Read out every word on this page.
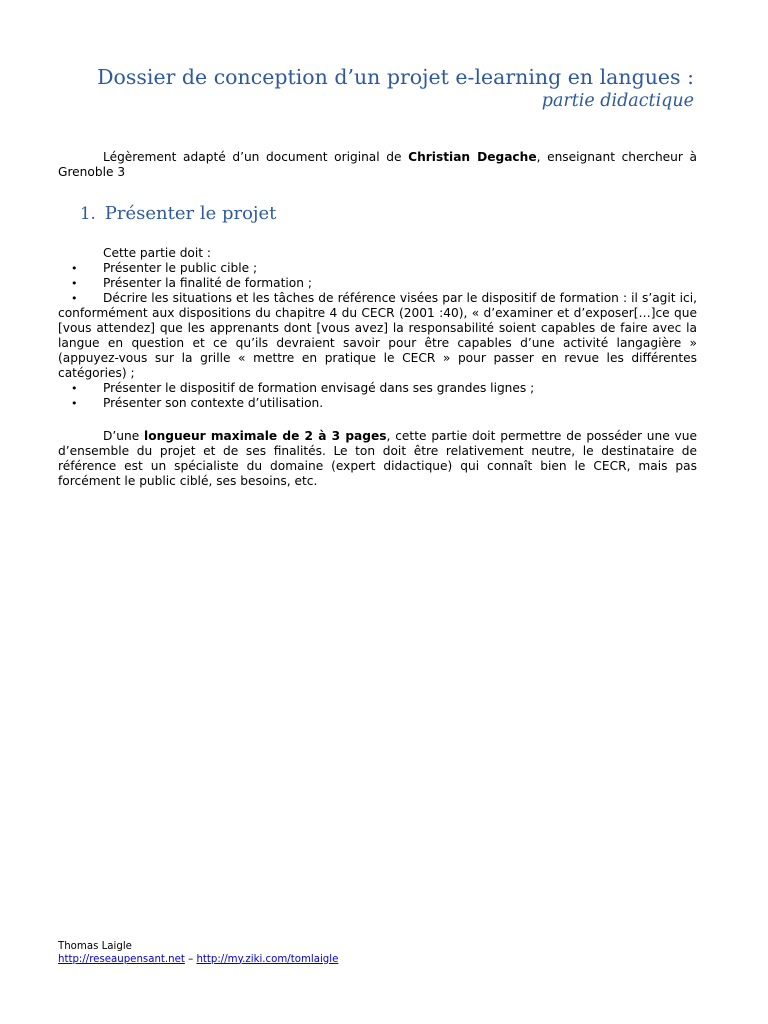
Dossier de conception d’un projet e-learning en langues :
partie didactique

Légèrement adapté d’un document original de Christian Degache, enseignant chercheur à Grenoble 3

1. Présenter le projet
Cette partie doit :
• Présenter le public cible ;
• Présenter la finalité de formation ;
• Décrire les situations et les tâches de référence visées par le dispositif de formation : il s’agit ici, conformément aux dispositions du chapitre 4 du CECR (2001 :40), « d’examiner et d’exposer[…]ce que [vous attendez] que les apprenants dont [vous avez] la responsabilité soient capables de faire avec la langue en question et ce qu’ils devraient savoir pour être capables d’une activité langagière » (appuyez-vous sur la grille « mettre en pratique le CECR » pour passer en revue les différentes catégories) ;
• Présenter le dispositif de formation envisagé dans ses grandes lignes ;
• Présenter son contexte d’utilisation.

D’une longueur maximale de 2 à 3 pages, cette partie doit permettre de posséder une vue d’ensemble du projet et de ses finalités. Le ton doit être relativement neutre, le destinataire de référence est un spécialiste du domaine (expert didactique) qui connaît bien le CECR, mais pas forcément le public ciblé, ses besoins, etc.

Thomas Laigle
http://reseaupensant.net – http://my.ziki.com/tomlaigle
